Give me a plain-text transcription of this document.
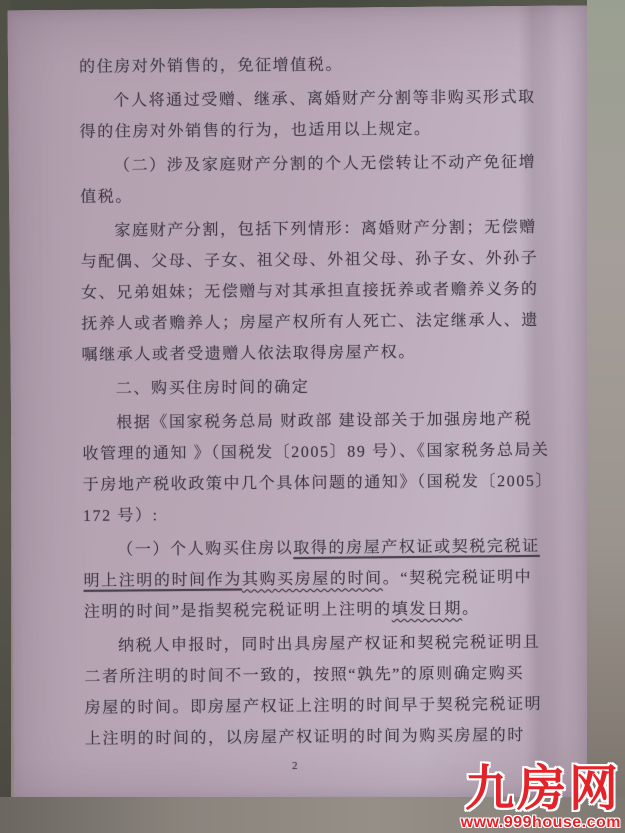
的住房对外销售的，免征增值税。
个人将通过受赠、继承、离婚财产分割等非购买形式取
得的住房对外销售的行为，也适用以上规定。
（二）涉及家庭财产分割的个人无偿转让不动产免征增
值税。
家庭财产分割，包括下列情形：离婚财产分割；无偿赠
与配偶、父母、子女、祖父母、外祖父母、孙子女、外孙子
女、兄弟姐妹；无偿赠与对其承担直接抚养或者赡养义务的
抚养人或者赡养人；房屋产权所有人死亡、法定继承人、遗
嘱继承人或者受遗赠人依法取得房屋产权。
二、购买住房时间的确定
根据《国家税务总局 财政部 建设部关于加强房地产税
收管理的通知 》（国税发〔2005〕89 号）、《国家税务总局关
于房地产税收政策中几个具体问题的通知》（国税发〔2005〕
172 号）:
（一）个人购买住房以取得的房屋产权证或契税完税证
明上注明的时间作为其购买房屋的时间。“契税完税证明中
注明的时间”是指契税完税证明上注明的填发日期。
纳税人申报时，同时出具房屋产权证和契税完税证明且
二者所注明的时间不一致的，按照“孰先”的原则确定购买
房屋的时间。即房屋产权证上注明的时间早于契税完税证明
上注明的时间的，以房屋产权证明的时间为购买房屋的时
2	九房网
www.999house.com
